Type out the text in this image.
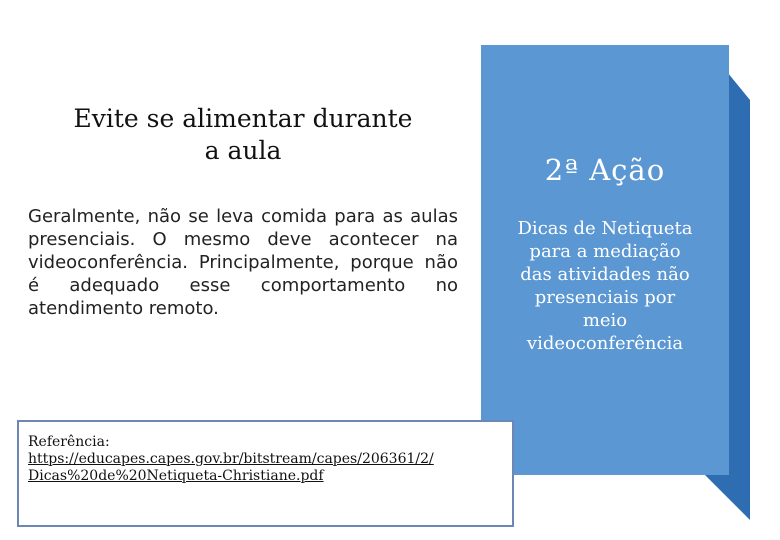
Evite se alimentar durante
a aula

Geralmente, não se leva comida para as aulas presenciais. O mesmo deve acontecer na videoconferência. Principalmente, porque não é adequado esse comportamento no atendimento remoto.

2ª Ação

Dicas de Netiqueta
para a mediação
das atividades não
presenciais por
meio
videoconferência

Referência:
https://educapes.capes.gov.br/bitstream/capes/206361/2/
Dicas%20de%20Netiqueta-Christiane.pdf
